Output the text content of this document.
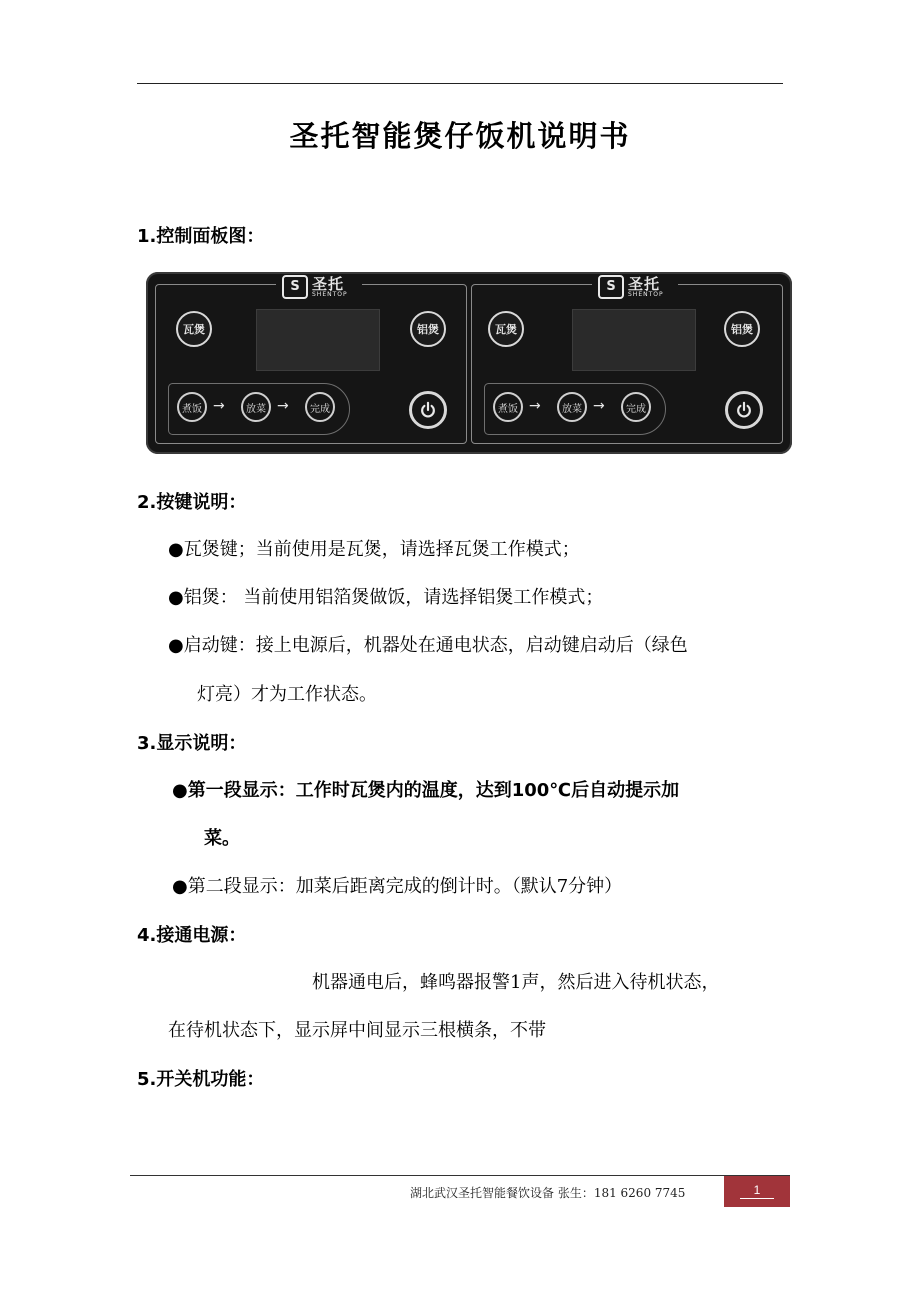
圣托智能煲仔饭机说明书
1.控制面板图：
S 圣托
SHENTOP
瓦煲	铝煲
煮饭 →	放菜 →	完成
S 圣托
SHENTOP
瓦煲	铝煲
煮饭 →	放菜 →	完成
2.按键说明：
●瓦煲键；当前使用是瓦煲，请选择瓦煲工作模式；
●铝煲： 当前使用铝箔煲做饭，请选择铝煲工作模式；
●启动键：接上电源后，机器处在通电状态，启动键启动后（绿色
灯亮）才为工作状态。
3.显示说明：
●第一段显示：工作时瓦煲内的温度，达到100℃后自动提示加
菜。
●第二段显示：加菜后距离完成的倒计时。（默认7分钟）
4.接通电源：
机器通电后，蜂鸣器报警1声，然后进入待机状态，
在待机状态下，显示屏中间显示三根横条，不带
5.开关机功能：
湖北武汉圣托智能餐饮设备 张生：181 6260 7745	1
